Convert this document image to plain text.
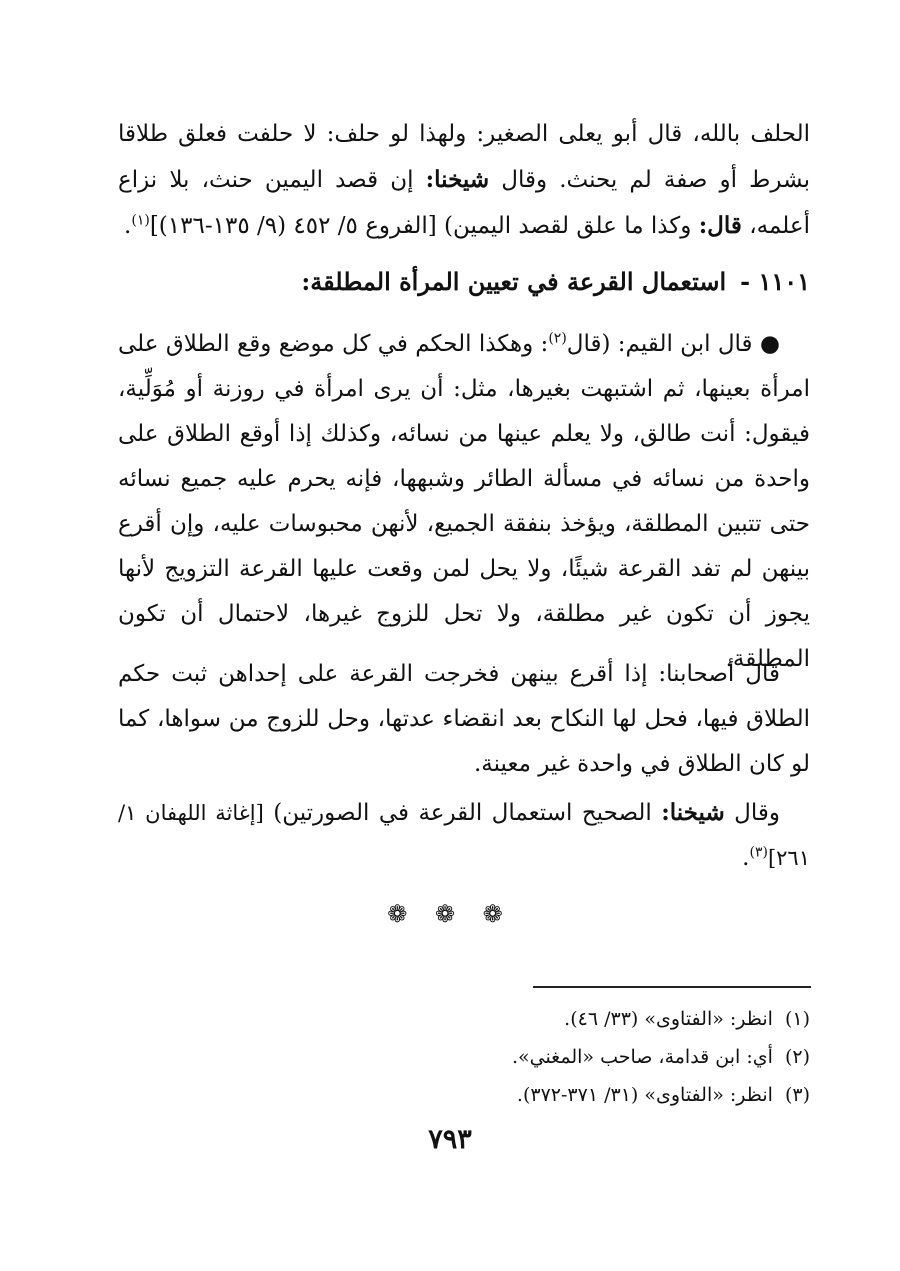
الحلف بالله، قال أبو يعلى الصغير: ولهذا لو حلف: لا حلفت فعلق طلاقا بشرط أو صفة لم يحنث. وقال شيخنا: إن قصد اليمين حنث، بلا نزاع أعلمه، قال: وكذا ما علق لقصد اليمين) [الفروع ٥/ ٤٥٢ (٩/ ١٣٥-١٣٦)]$^{(١)}$.
١١٠١ -استعمال القرعة في تعيين المرأة المطلقة:
● قال ابن القيم: (قال$^{(٢)}$: وهكذا الحكم في كل موضع وقع الطلاق على امرأة بعينها، ثم اشتبهت بغيرها، مثل: أن يرى امرأة في روزنة أو مُوَلِّية، فيقول: أنت طالق، ولا يعلم عينها من نسائه، وكذلك إذا أوقع الطلاق على واحدة من نسائه في مسألة الطائر وشبهها، فإنه يحرم عليه جميع نسائه حتى تتبين المطلقة، ويؤخذ بنفقة الجميع، لأنهن محبوسات عليه، وإن أقرع بينهن لم تفد القرعة شيئًا، ولا يحل لمن وقعت عليها القرعة التزويج لأنها يجوز أن تكون غير مطلقة، ولا تحل للزوج غيرها، لاحتمال أن تكون المطلقة.
قال أصحابنا: إذا أقرع بينهن فخرجت القرعة على إحداهن ثبت حكم الطلاق فيها، فحل لها النكاح بعد انقضاء عدتها، وحل للزوج من سواها، كما لو كان الطلاق في واحدة غير معينة.
وقال شيخنا: الصحيح استعمال القرعة في الصورتين) [إغاثة اللهفان ١/ ٢٦١]$^{(٣)}$.
❁ ❁ ❁
(١)انظر: «الفتاوى» (٣٣/ ٤٦).
(٢)أي: ابن قدامة، صاحب «المغني».
(٣)انظر: «الفتاوى» (٣١/ ٣٧١-٣٧٢).
٧٩٣
